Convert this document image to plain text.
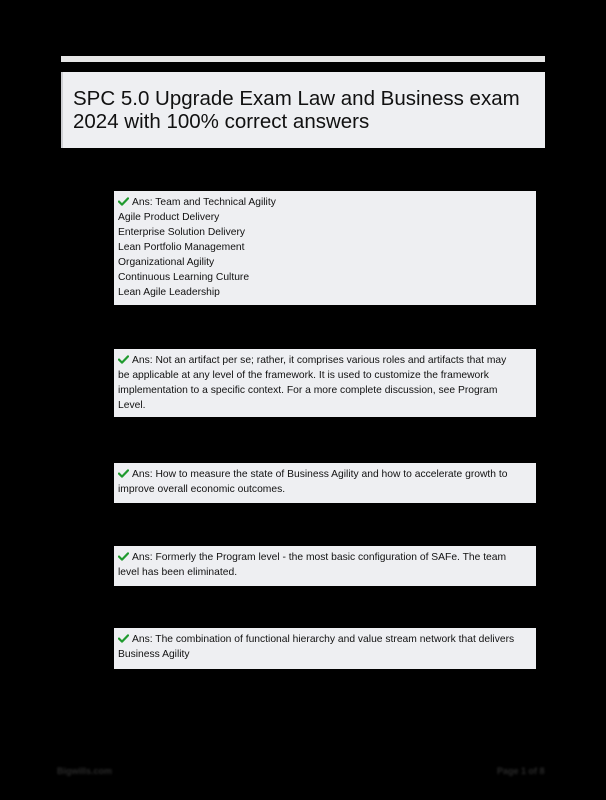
SPC 5.0 Upgrade Exam Law and Business exam
2024 with 100% correct answers
Ans: Team and Technical Agility
Agile Product Delivery
Enterprise Solution Delivery
Lean Portfolio Management
Organizational Agility
Continuous Learning Culture
Lean Agile Leadership
Ans: Not an artifact per se; rather, it comprises various roles and artifacts that may
be applicable at any level of the framework. It is used to customize the framework
implementation to a specific context. For a more complete discussion, see Program
Level.
Ans: How to measure the state of Business Agility and how to accelerate growth to
improve overall economic outcomes.
Ans: Formerly the Program level - the most basic configuration of SAFe. The team
level has been eliminated.
Ans: The combination of functional hierarchy and value stream network that delivers
Business Agility
Bigwills.com	Page 1 of 8
